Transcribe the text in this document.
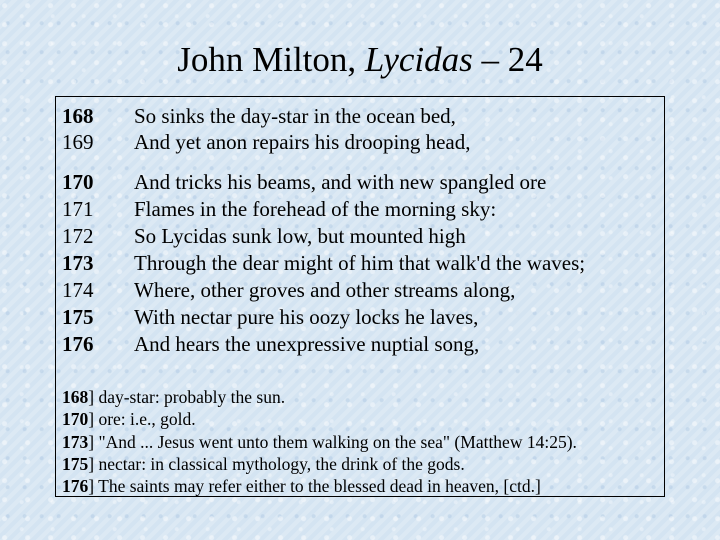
John Milton, Lycidas – 24
168	So sinks the day-star in the ocean bed,
169	And yet anon repairs his drooping head,
170	And tricks his beams, and with new spangled ore
171	Flames in the forehead of the morning sky:
172	So Lycidas sunk low, but mounted high
173	Through the dear might of him that walk'd the waves;
174	Where, other groves and other streams along,
175	With nectar pure his oozy locks he laves,
176	And hears the unexpressive nuptial song,
168] day-star: probably the sun.
170] ore: i.e., gold.
173] "And ... Jesus went unto them walking on the sea" (Matthew 14:25).
175] nectar: in classical mythology, the drink of the gods.
176] The saints may refer either to the blessed dead in heaven, [ctd.]
